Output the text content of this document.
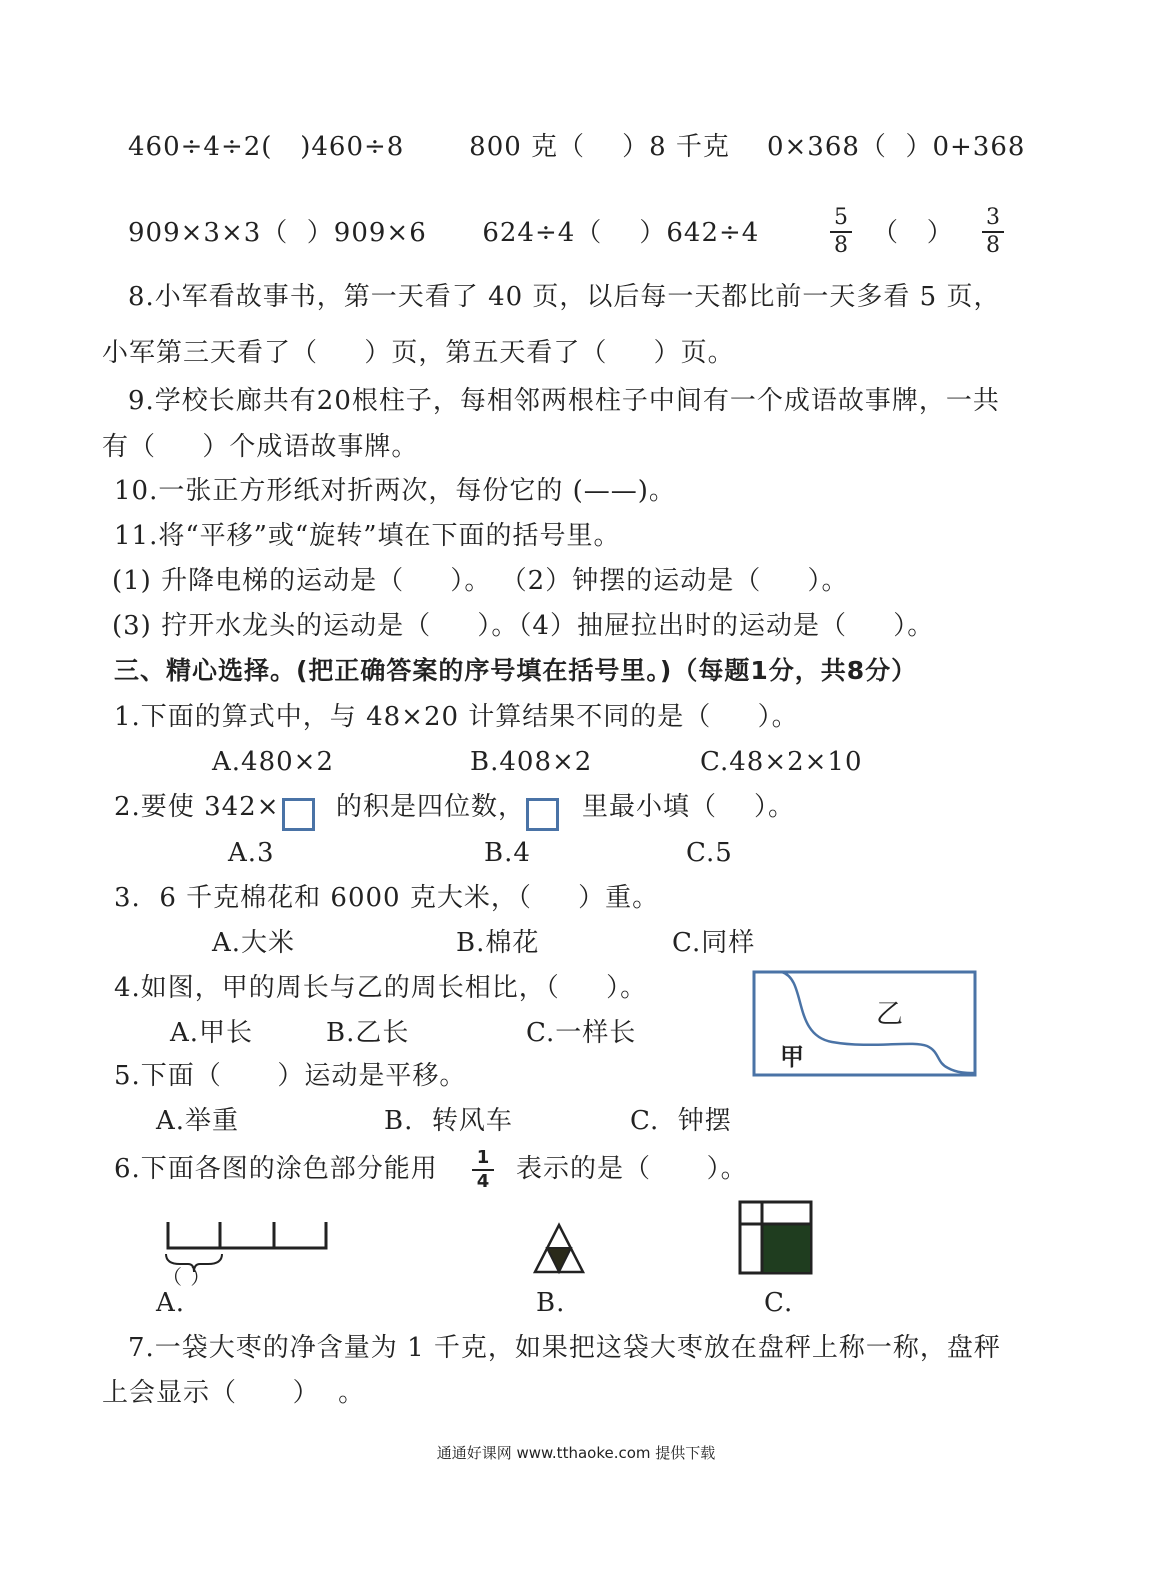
460÷4÷2(   )460÷8       800 克（    ）8 千克    0×368（  ）0+368
909×3×3（  ）909×6      624÷4（    ）642÷4
5
8 （   ）
3
8
8.小军看故事书，第一天看了 40 页，以后每一天都比前一天多看 5 页，
小军第三天看了（     ）页，第五天看了（     ）页。
9.学校长廊共有20根柱子，每相邻两根柱子中间有一个成语故事牌，一共
有（     ）个成语故事牌。
10.一张正方形纸对折两次，每份它的 (——)。
11.将“平移”或“旋转”填在下面的括号里。
(1) 升降电梯的运动是（     ）。 （2）钟摆的运动是（     ）。
(3) 拧开水龙头的运动是（     ）。（4）抽屉拉出时的运动是（     ）。
三、精心选择。(把正确答案的序号填在括号里。)（每题1分，共8分）
1.下面的算式中，与 48×20 计算结果不同的是（     ）。
A.480×2	B.408×2	C.48×2×10
2.要使 342× 的积是四位数， 里最小填（    ）。
A.3	B.4	C.5
3.  6 千克棉花和 6000 克大米，（     ）重。
A.大米	B.棉花	C.同样
4.如图，甲的周长与乙的周长相比，（     ）。
A.甲长	B.乙长	C.一样长
乙
甲
5.下面（      ）运动是平移。
A.举重	B.  转风车	C.  钟摆
6.下面各图的涂色部分能用	1
4 表示的是（      ）。
（ ）
A.	B.	C.
7.一袋大枣的净含量为 1 千克，如果把这袋大枣放在盘秤上称一称，盘秤
上会显示（      ）  。
通通好课网 www.tthaoke.com 提供下载
